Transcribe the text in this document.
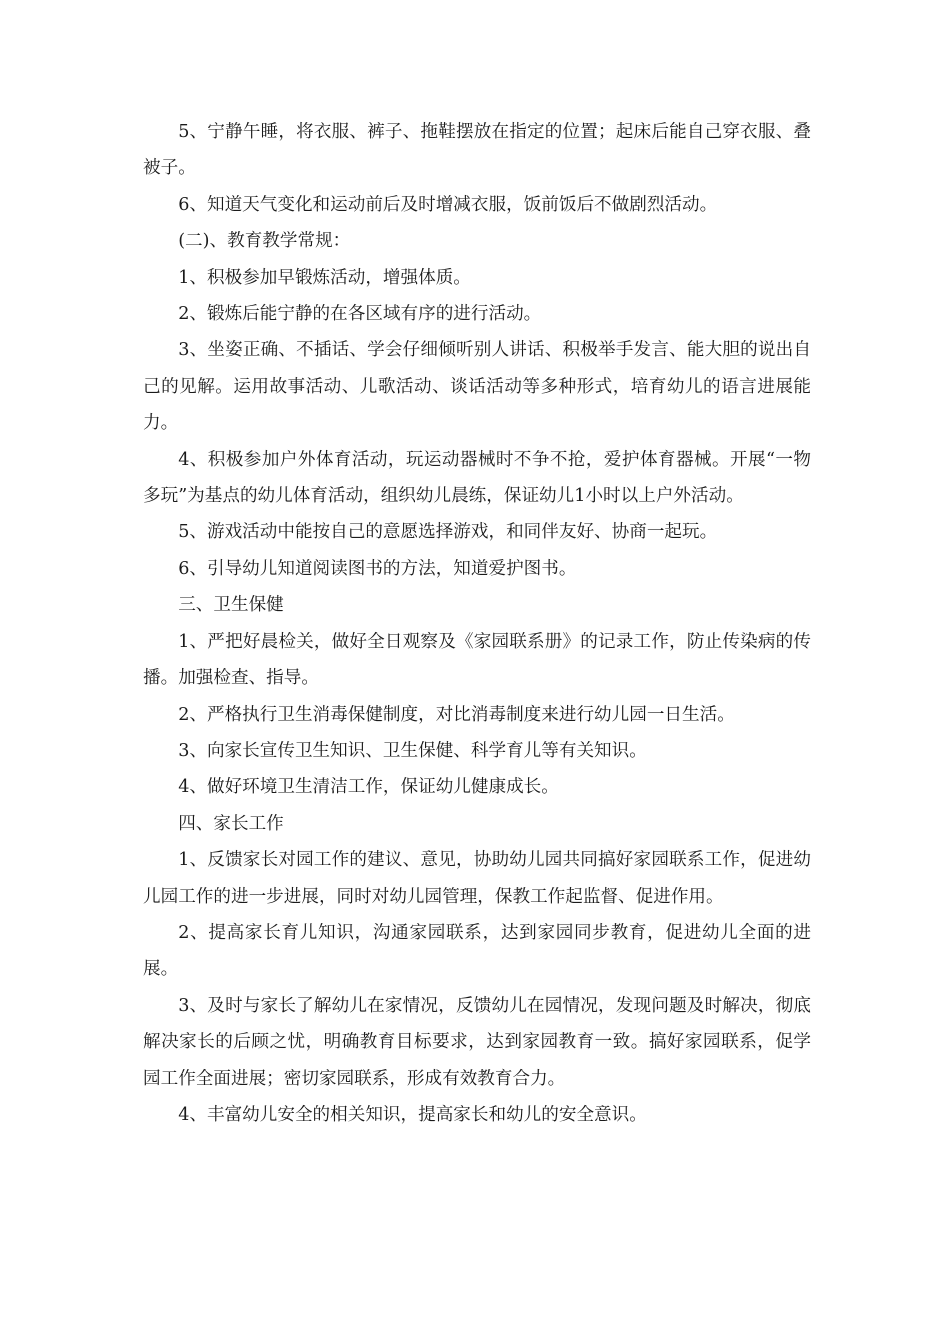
5、宁静午睡，将衣服、裤子、拖鞋摆放在指定的位置；起床后能自己穿衣服、叠被子。

6、知道天气变化和运动前后及时增减衣服，饭前饭后不做剧烈活动。

(二)、教育教学常规：

1、积极参加早锻炼活动，增强体质。

2、锻炼后能宁静的在各区域有序的进行活动。

3、坐姿正确、不插话、学会仔细倾听别人讲话、积极举手发言、能大胆的说出自己的见解。运用故事活动、儿歌活动、谈话活动等多种形式，培育幼儿的语言进展能力。

4、积极参加户外体育活动，玩运动器械时不争不抢，爱护体育器械。开展“一物多玩”为基点的幼儿体育活动，组织幼儿晨练，保证幼儿1小时以上户外活动。

5、游戏活动中能按自己的意愿选择游戏，和同伴友好、协商一起玩。

6、引导幼儿知道阅读图书的方法，知道爱护图书。

三、卫生保健

1、严把好晨检关，做好全日观察及《家园联系册》的记录工作，防止传染病的传播。加强检查、指导。

2、严格执行卫生消毒保健制度，对比消毒制度来进行幼儿园一日生活。

3、向家长宣传卫生知识、卫生保健、科学育儿等有关知识。

4、做好环境卫生清洁工作，保证幼儿健康成长。

四、家长工作

1、反馈家长对园工作的建议、意见，协助幼儿园共同搞好家园联系工作，促进幼儿园工作的进一步进展，同时对幼儿园管理，保教工作起监督、促进作用。

2、提高家长育儿知识，沟通家园联系，达到家园同步教育，促进幼儿全面的进展。

3、及时与家长了解幼儿在家情况，反馈幼儿在园情况，发现问题及时解决，彻底解决家长的后顾之忧，明确教育目标要求，达到家园教育一致。搞好家园联系，促学园工作全面进展；密切家园联系，形成有效教育合力。

4、丰富幼儿安全的相关知识，提高家长和幼儿的安全意识。
